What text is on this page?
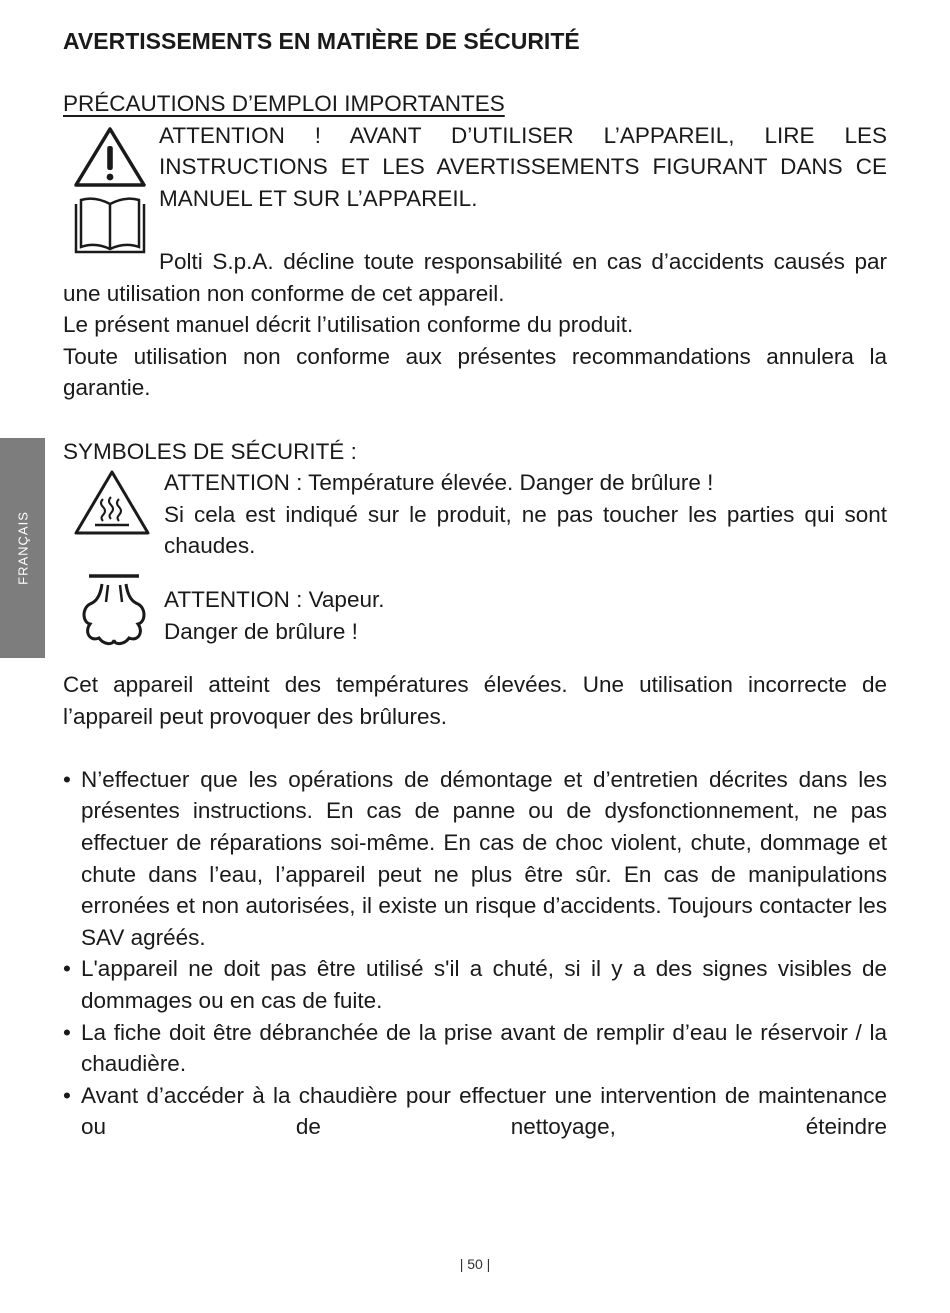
FRANÇAIS
AVERTISSEMENTS EN MATIÈRE DE SÉCURITÉ

PRÉCAUTIONS D’EMPLOI IMPORTANTES

ATTENTION ! AVANT D’UTILISER L’APPAREIL, LIRE LES INSTRUCTIONS ET LES AVERTISSEMENTS FIGURANT DANS CE MANUEL ET SUR L’APPAREIL.

Polti S.p.A. décline toute responsabilité en cas d’accidents causés par une utilisation non conforme de cet appareil.

Le présent manuel décrit l’utilisation conforme du produit.

Toute utilisation non conforme aux présentes recommandations annulera la garantie.

SYMBOLES DE SÉCURITÉ :

ATTENTION : Température élevée. Danger de brûlure !

Si cela est indiqué sur le produit, ne pas toucher les parties qui sont chaudes.

ATTENTION : Vapeur.

Danger de brûlure !

Cet appareil atteint des températures élevées. Une utilisation incorrecte de l’appareil peut provoquer des brûlures.

• N’effectuer que les opérations de démontage et d’entretien décrites dans les présentes instructions. En cas de panne ou de dysfonctionnement, ne pas effectuer de réparations soi-même. En cas de choc violent, chute, dommage et chute dans l’eau, l’appareil peut ne plus être sûr. En cas de manipulations erronées et non autorisées, il existe un risque d’accidents. Toujours contacter les SAV agréés.
• L'appareil ne doit pas être utilisé s'il a chuté, si il y a des signes visibles de dommages ou en cas de fuite.
• La fiche doit être débranchée de la prise avant de remplir d’eau le réservoir / la chaudière.
• Avant d’accéder à la chaudière pour effectuer une intervention de maintenance ou de nettoyage, éteindre
| 50 |
